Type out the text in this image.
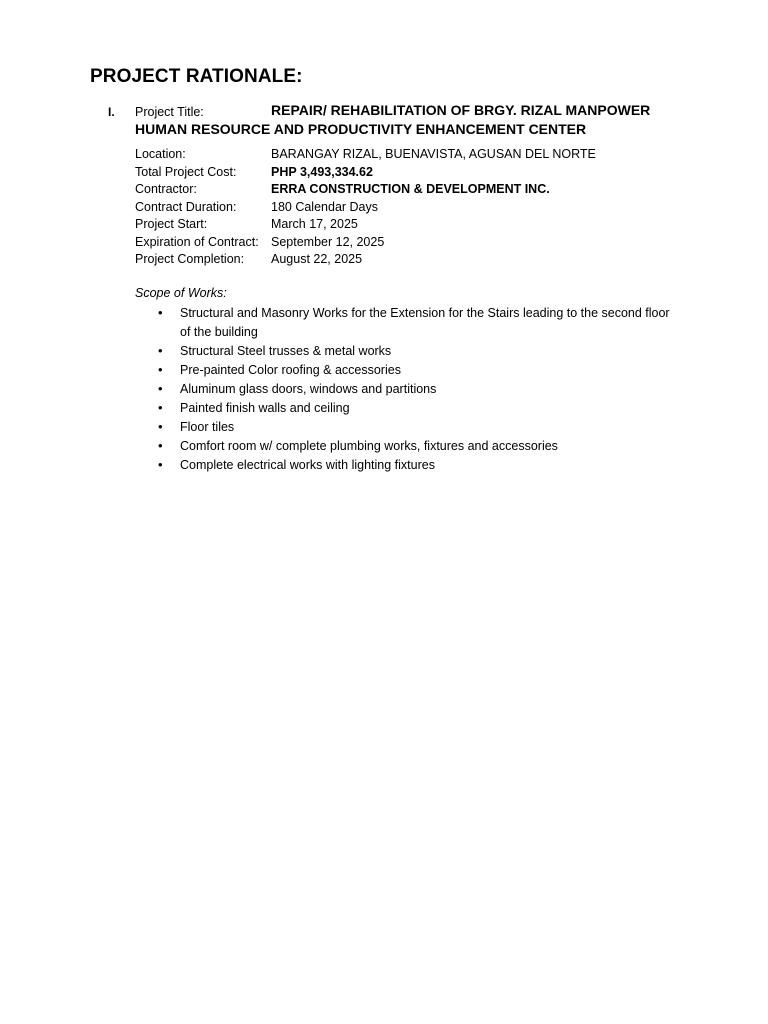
PROJECT RATIONALE:
I. Project Title:	REPAIR/ REHABILITATION OF BRGY. RIZAL MANPOWER HUMAN RESOURCE AND PRODUCTIVITY ENHANCEMENT CENTER

Location:	BARANGAY RIZAL, BUENAVISTA, AGUSAN DEL NORTE
Total Project Cost:	PHP 3,493,334.62
Contractor:	ERRA CONSTRUCTION & DEVELOPMENT INC.
Contract Duration:	180 Calendar Days
Project Start:	March 17, 2025
Expiration of Contract: September 12, 2025
Project Completion:	August 22, 2025
Scope of Works:
• Structural and Masonry Works for the Extension for the Stairs leading to the second floor of the building
• Structural Steel trusses & metal works
• Pre-painted Color roofing & accessories
• Aluminum glass doors, windows and partitions
• Painted finish walls and ceiling
• Floor tiles
• Comfort room w/ complete plumbing works, fixtures and accessories
• Complete electrical works with lighting fixtures
